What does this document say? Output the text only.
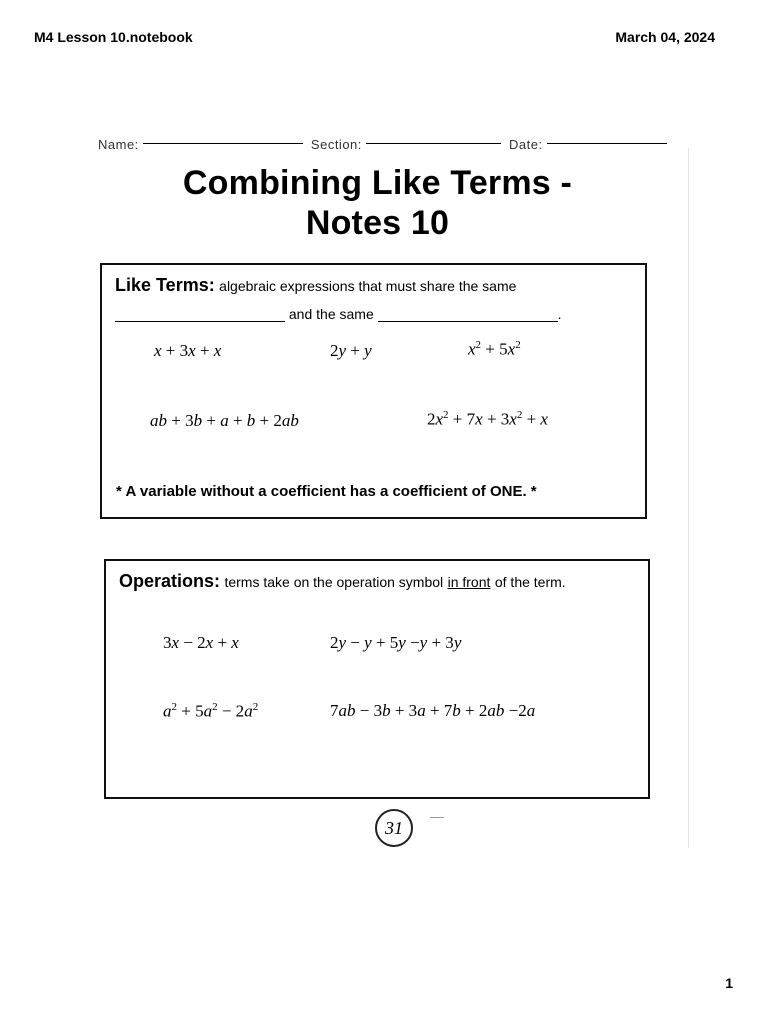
M4 Lesson 10.notebook	March 04, 2024
Name:	Section:	Date:
Combining Like Terms -
Notes 10
Like Terms: algebraic expressions that must share the same
and the same	.
x + 3x + x	2y + y	$x^2 + 5x^2$
ab + 3b + a + b + 2ab	$2x^2 + 7x + 3x^2 + x$
* A variable without a coefficient has a coefficient of ONE. *
Operations: terms take on the operation symbol in front of the term.
3x − 2x + x	2y − y + 5y −y + 3y
$a^2 + 5a^2 - 2a^2$	7ab − 3b + 3a + 7b + 2ab −2a
31
1
